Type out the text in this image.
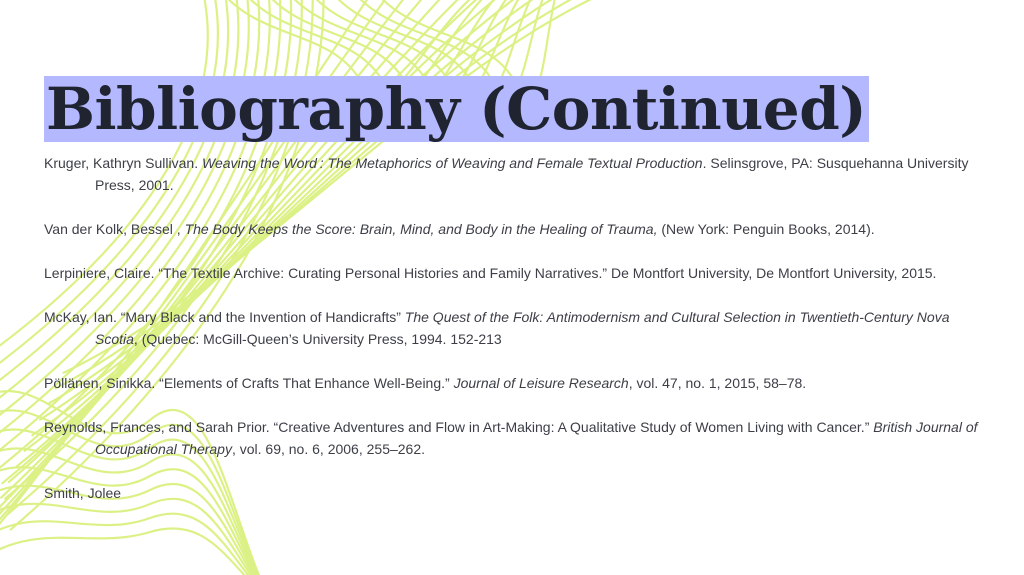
Bibliography (Continued)
Kruger, Kathryn Sullivan. Weaving the Word : The Metaphorics of Weaving and Female Textual Production. Selinsgrove, PA: Susquehanna University Press, 2001.
Van der Kolk, Bessel , The Body Keeps the Score: Brain, Mind, and Body in the Healing of Trauma, (New York: Penguin Books, 2014).
Lerpiniere, Claire. “The Textile Archive: Curating Personal Histories and Family Narratives.” De Montfort University, De Montfort University, 2015.
McKay, Ian. “Mary Black and the Invention of Handicrafts” The Quest of the Folk: Antimodernism and Cultural Selection in Twentieth-Century Nova Scotia, (Quebec: McGill-Queen’s University Press, 1994. 152-213
Pöllänen, Sinikka. “Elements of Crafts That Enhance Well-Being.” Journal of Leisure Research, vol. 47, no. 1, 2015, 58–78.
Reynolds, Frances, and Sarah Prior. “Creative Adventures and Flow in Art-Making: A Qualitative Study of Women Living with Cancer.” British Journal of Occupational Therapy, vol. 69, no. 6, 2006, 255–262.
Smith, Jolee
